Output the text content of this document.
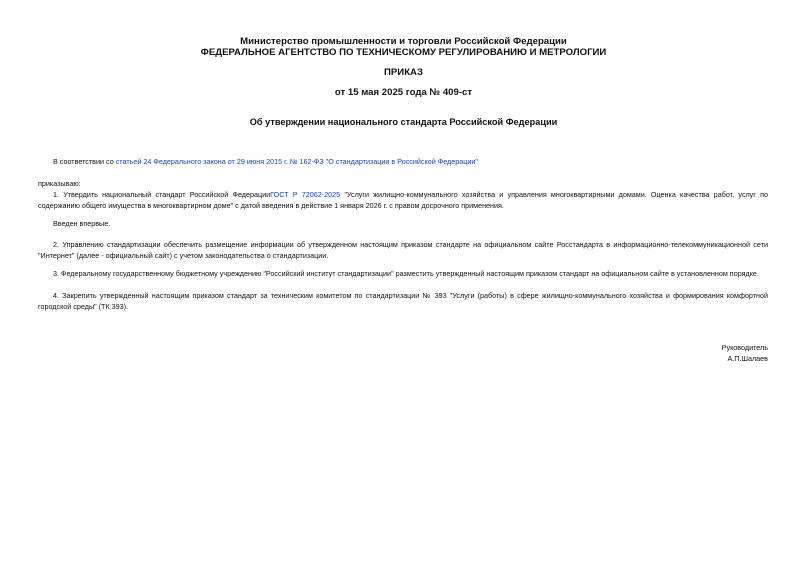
Министерство промышленности и торговли Российской Федерации
ФЕДЕРАЛЬНОЕ АГЕНТСТВО ПО ТЕХНИЧЕСКОМУ РЕГУЛИРОВАНИЮ И МЕТРОЛОГИИ
ПРИКАЗ
от 15 мая 2025 года № 409-ст
Об утверждении национального стандарта Российской Федерации
В соответствии со статьей 24 Федерального закона от 29 июня 2015 г. № 162-ФЗ "О стандартизации в Российской Федерации"
приказываю:
1. Утвердить национальный стандарт Российской ФедерацииГОСТ Р 72062-2025 "Услуги жилищно-коммунального хозяйства и управления многоквартирными домами. Оценка качества работ, услуг по содержанию общего имущества в многоквартирном доме" с датой введения в действие 1 января 2026 г. с правом досрочного применения.
Введен впервые.
2. Управлению стандартизации обеспечить размещение информации об утвержденном настоящим приказом стандарте на официальном сайте Росстандарта в информационно-телекоммуникационной сети "Интернет" (далее - официальный сайт) с учетом законодательства о стандартизации.
3. Федеральному государственному бюджетному учреждению "Российский институт стандартизации" разместить утвержденный настоящим приказом стандарт на официальном сайте в установленном порядке.
4. Закрепить утвержденный настоящим приказом стандарт за техническим комитетом по стандартизации № 393 "Услуги (работы) в сфере жилищно-коммунального хозяйства и формирования комфортной городской среды" (ТК 393).
Руководитель
А.П.Шалаев
